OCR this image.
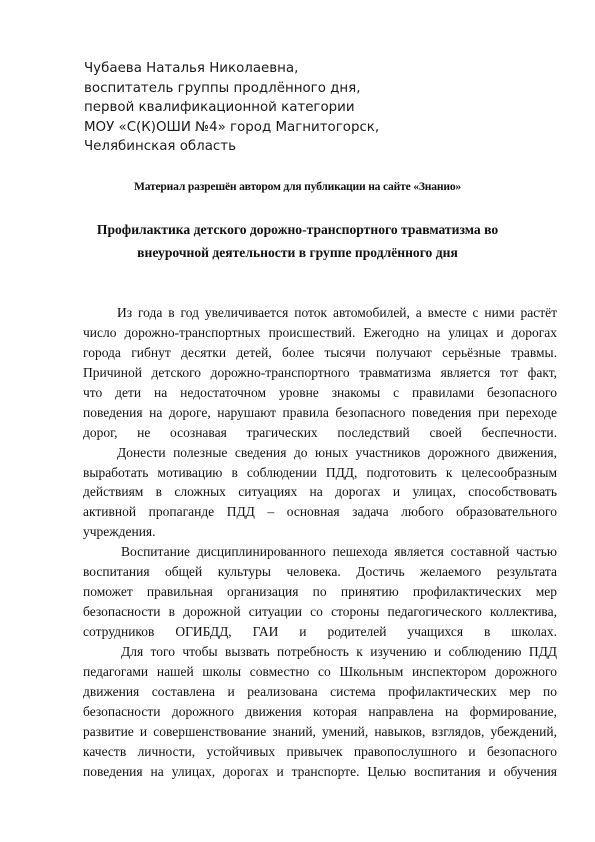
Чубаева Наталья Николаевна,
воспитатель группы продлённого дня,
первой квалификационной категории
МОУ «С(К)ОШИ №4» город Магнитогорск,
Челябинская область
Материал разрешён автором для публикации на сайте «Знанио»
Профилактика детского дорожно-транспортного травматизма во
внеурочной деятельности в группе продлённого дня
Из года в год увеличивается поток автомобилей, а вместе с ними растёт
число дорожно-транспортных происшествий. Ежегодно на улицах и дорогах
города гибнут десятки детей, более тысячи получают серьёзные травмы.
Причиной детского дорожно-транспортного травматизма является тот факт,
что дети на недостаточном уровне знакомы с правилами безопасного
поведения на дороге, нарушают правила безопасного поведения при переходе
дорог, не осознавая трагических последствий своей беспечности.
Донести полезные сведения до юных участников дорожного движения,
выработать мотивацию в соблюдении ПДД, подготовить к целесообразным
действиям в сложных ситуациях на дорогах и улицах, способствовать
активной пропаганде ПДД – основная задача любого образовательного
учреждения.
Воспитание дисциплинированного пешехода является составной частью
воспитания общей культуры человека. Достичь желаемого результата
поможет правильная организация по принятию профилактических мер
безопасности в дорожной ситуации со стороны педагогического коллектива,
сотрудников ОГИБДД, ГАИ и родителей учащихся в школах.
Для того чтобы вызвать потребность к изучению и соблюдению ПДД
педагогами нашей школы совместно со Школьным инспектором дорожного
движения составлена и реализована система профилактических мер по
безопасности дорожного движения которая направлена на формирование,
развитие и совершенствование знаний, умений, навыков, взглядов, убеждений,
качеств личности, устойчивых привычек правопослушного и безопасного
поведения на улицах, дорогах и транспорте. Целью воспитания и обучения
